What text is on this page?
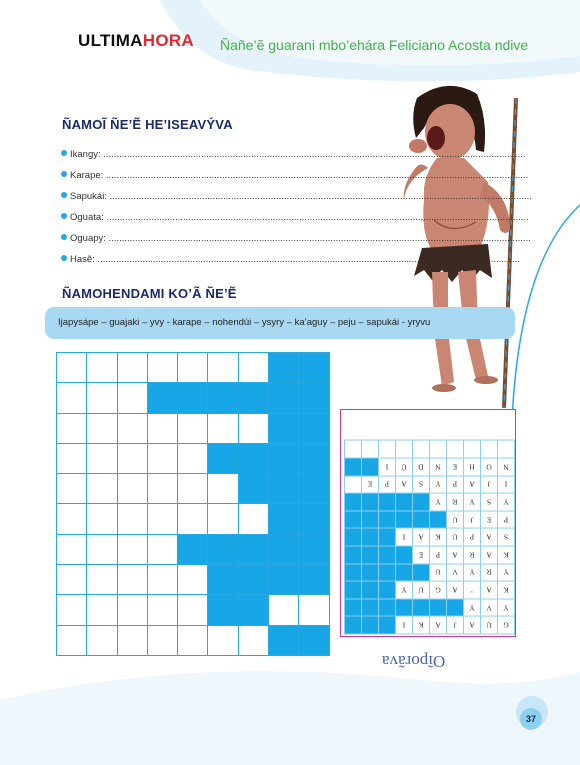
ULTIMAHORA Ñañe’ẽ guarani mbo’ehára Feliciano Acosta ndive
ÑAMOĨ ÑE’Ẽ HE’ISEAVÝVA
Ikangy: ................................................................................................................................................................
Karape: ................................................................................................................................................................
Sapukái: ................................................................................................................................................................
Oguata: ................................................................................................................................................................
Oguapy: ................................................................................................................................................................
Hasẽ: ................................................................................................................................................................
ÑAMOHENDAMI KO’Ã ÑE’Ẽ
Ijapysápe – guajaki – yvy - karape – nohendúi – ysyry – ka’aguy – peju – sapukái - yryvu
G
U
A
J
A
K
I
Y
V
Y
K
A
’
A
G
U
Y
Y
R
Y
V
U
K
A
R
A
P
E
S
A
P
U
K
A
I
P
E
J
U
Y
S
Y
R
Y
I
J
A
P
Y
S
A
P
E
N
O
H
E
N
D
Ú
I
Oĩporãva
37
